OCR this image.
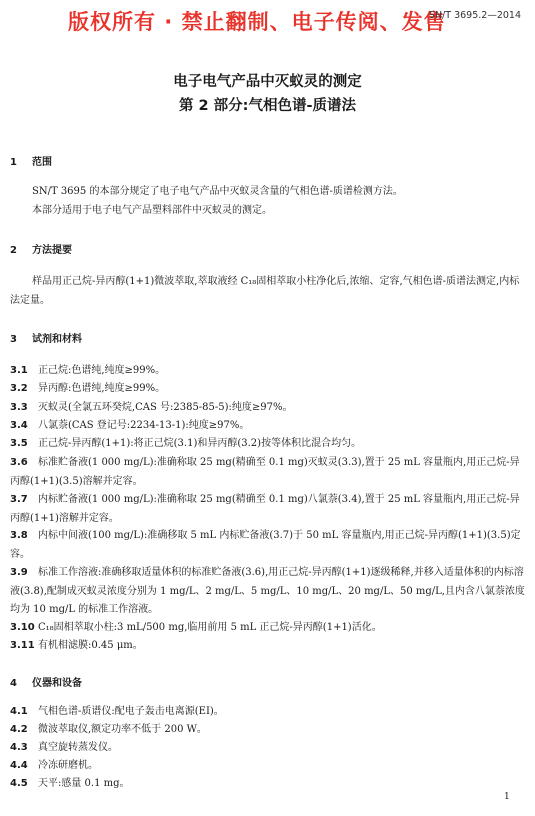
版权所有 · 禁止翻制、电子传阅、发售
SN/T 3695.2—2014
电子电气产品中灭蚁灵的测定
第 2 部分:气相色谱-质谱法
1 范围
SN/T 3695 的本部分规定了电子电气产品中灭蚁灵含量的气相色谱-质谱检测方法。
本部分适用于电子电气产品塑料部件中灭蚁灵的测定。
2 方法提要
样品用正己烷-异丙醇(1+1)微波萃取,萃取液经 C₁₈固相萃取小柱净化后,浓缩、定容,气相色谱-质谱法测定,内标法定量。
3 试剂和材料
3.1 正己烷:色谱纯,纯度≥99%。
3.2 异丙醇:色谱纯,纯度≥99%。
3.3 灭蚁灵(全氯五环癸烷,CAS 号:2385-85-5):纯度≥97%。
3.4 八氯萘(CAS 登记号:2234-13-1):纯度≥97%。
3.5 正己烷-异丙醇(1+1):将正己烷(3.1)和异丙醇(3.2)按等体积比混合均匀。
3.6 标准贮备液(1 000 mg/L):准确称取 25 mg(精确至 0.1 mg)灭蚁灵(3.3),置于 25 mL 容量瓶内,用正己烷-异丙醇(1+1)(3.5)溶解并定容。
3.7 内标贮备液(1 000 mg/L):准确称取 25 mg(精确至 0.1 mg)八氯萘(3.4),置于 25 mL 容量瓶内,用正己烷-异丙醇(1+1)溶解并定容。
3.8 内标中间液(100 mg/L):准确移取 5 mL 内标贮备液(3.7)于 50 mL 容量瓶内,用正己烷-异丙醇(1+1)(3.5)定容。
3.9 标准工作溶液:准确移取适量体积的标准贮备液(3.6),用正己烷-异丙醇(1+1)逐级稀释,并移入适量体积的内标溶液(3.8),配制成灭蚁灵浓度分别为 1 mg/L、2 mg/L、5 mg/L、10 mg/L、20 mg/L、50 mg/L,且内含八氯萘浓度均为 10 mg/L 的标准工作溶液。
3.10 C₁₈固相萃取小柱:3 mL/500 mg,临用前用 5 mL 正己烷-异丙醇(1+1)活化。
3.11 有机相滤膜:0.45 μm。
4 仪器和设备
4.1 气相色谱-质谱仪:配电子轰击电离源(EI)。
4.2 微波萃取仪,额定功率不低于 200 W。
4.3 真空旋转蒸发仪。
4.4 冷冻研磨机。
4.5 天平:感量 0.1 mg。
1
